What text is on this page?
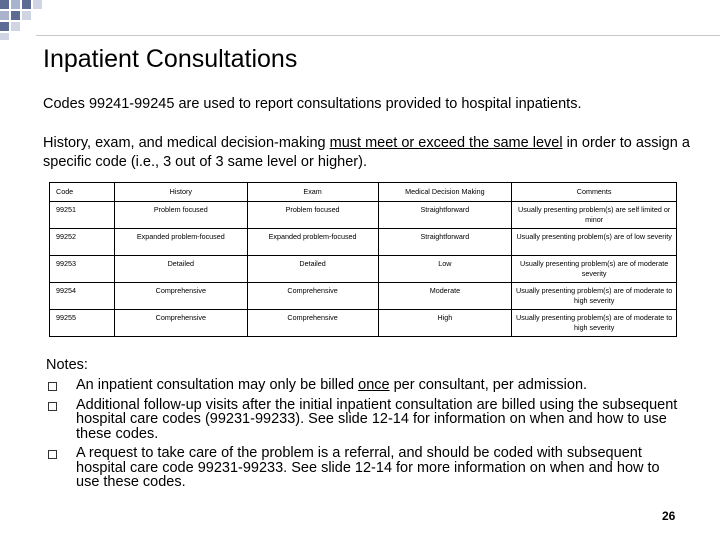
Inpatient Consultations
Codes 99241-99245 are used to report consultations provided to hospital inpatients.
History, exam, and medical decision-making must meet or exceed the same level in order to assign a specific code (i.e., 3 out of 3 same level or higher).
Code	History	Exam	Medical Decision Making	Comments
99251	Problem focused	Problem focused	Straightforward	Usually presenting problem(s) are self limited or minor
99252	Expanded problem-focused	Expanded problem-focused	Straightforward	Usually presenting problem(s) are of low severity
99253	Detailed	Detailed	Low	Usually presenting problem(s) are of moderate severity
99254	Comprehensive	Comprehensive	Moderate	Usually presenting problem(s) are of moderate to high severity
99255	Comprehensive	Comprehensive	High	Usually presenting problem(s) are of moderate to high severity
Notes:
An inpatient consultation may only be billed once per consultant, per admission.
Additional follow-up visits after the initial inpatient consultation are billed using the subsequent hospital care codes (99231-99233). See slide 12-14 for information on when and how to use these codes.
A request to take care of the problem is a referral, and should be coded with subsequent hospital care code 99231-99233. See slide 12-14 for more information on when and how to use these codes.
26
